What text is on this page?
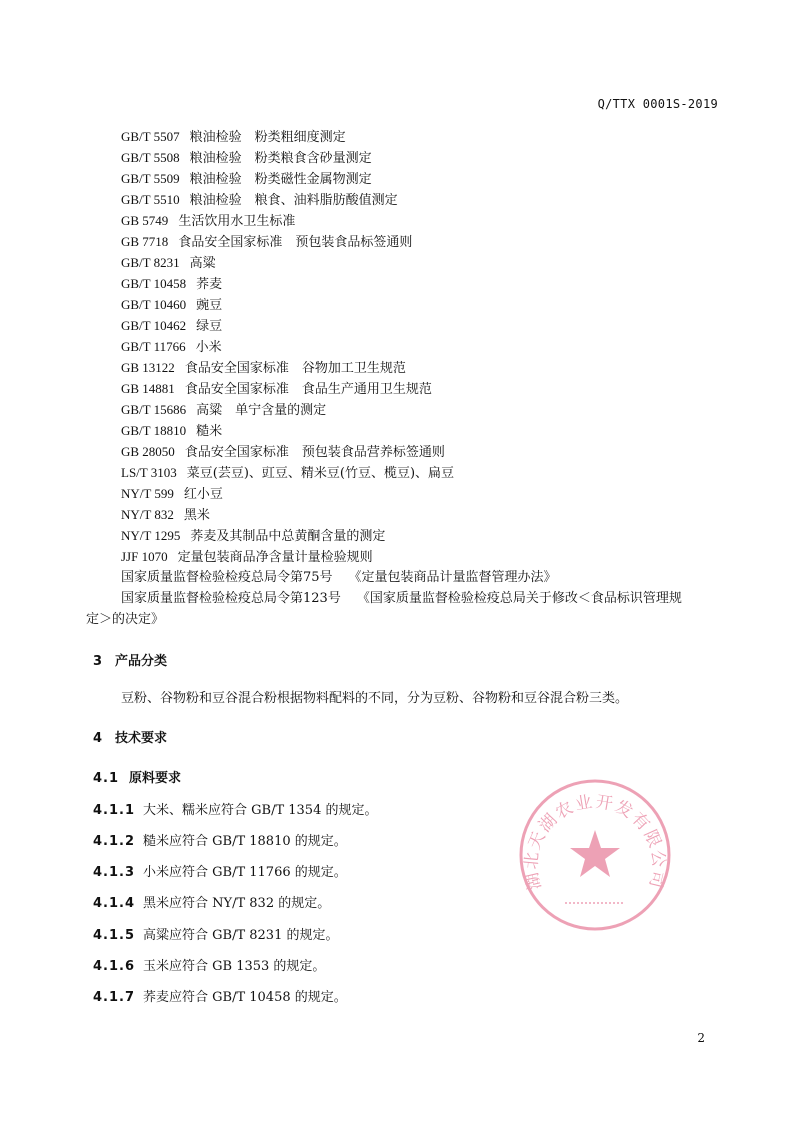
Q/TTX 0001S-2019
GB/T 5507 粮油检验　粉类粗细度测定
GB/T 5508 粮油检验　粉类粮食含砂量测定
GB/T 5509 粮油检验　粉类磁性金属物测定
GB/T 5510 粮油检验　粮食、油料脂肪酸值测定
GB 5749 生活饮用水卫生标准
GB 7718 食品安全国家标准　预包装食品标签通则
GB/T 8231 高粱
GB/T 10458 荞麦
GB/T 10460 豌豆
GB/T 10462 绿豆
GB/T 11766 小米
GB 13122 食品安全国家标准　谷物加工卫生规范
GB 14881 食品安全国家标准　食品生产通用卫生规范
GB/T 15686 高粱　单宁含量的测定
GB/T 18810 糙米
GB 28050 食品安全国家标准　预包装食品营养标签通则
LS/T 3103 菜豆(芸豆)、豇豆、精米豆(竹豆、榄豆)、扁豆
NY/T 599 红小豆
NY/T 832 黑米
NY/T 1295 荞麦及其制品中总黄酮含量的测定
JJF 1070 定量包装商品净含量计量检验规则
国家质量监督检验检疫总局令第75号 《定量包装商品计量监督管理办法》
国家质量监督检验检疫总局令第123号 《国家质量监督检验检疫总局关于修改＜食品标识管理规
定＞的决定》
3 产品分类
豆粉、谷物粉和豆谷混合粉根据物料配料的不同，分为豆粉、谷物粉和豆谷混合粉三类。
4 技术要求
4.1 原料要求
4.1.1 大米、糯米应符合 GB/T 1354 的规定。
4.1.2 糙米应符合 GB/T 18810 的规定。
4.1.3 小米应符合 GB/T 11766 的规定。
4.1.4 黑米应符合 NY/T 832 的规定。
4.1.5 高粱应符合 GB/T 8231 的规定。
4.1.6 玉米应符合 GB 1353 的规定。
4.1.7 荞麦应符合 GB/T 10458 的规定。
湖北天湖农业开发有限公司
2
